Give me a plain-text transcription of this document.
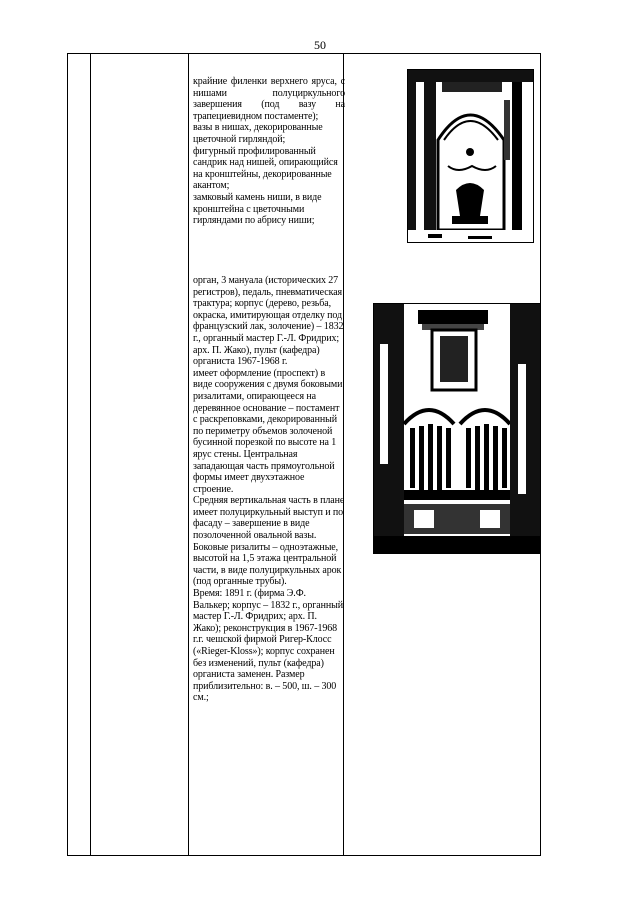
50

крайние филенки верхнего яруса, с нишами полуциркульного завершения (под вазу на трапециевидном постаменте);

вазы в нишах, декорированные цветочной гирляндой;

фигурный профилированный сандрик над нишей, опирающийся на кронштейны, декорированные акантом;

замковый камень ниши, в виде кронштейна с цветочными гирляндами по абрису ниши;

орган, 3 мануала (исторических 27 регистров), педаль, пневматическая трактура; корпус (дерево, резьба, окраска, имитирующая отделку под французский лак, золочение) – 1832 г., органный мастер Г.-Л. Фридрих; арх. П. Жако), пульт (кафедра) органиста 1967-1968 г.

имеет оформление (проспект) в виде сооружения с двумя боковыми ризалитами, опирающееся на деревянное основание – постамент с раскреповками, декорированный по периметру объемов золоченой бусинной порезкой по высоте на 1 ярус стены. Центральная западающая часть прямоугольной формы имеет двухэтажное строение.

Средняя вертикальная часть в плане имеет полуциркульный выступ и по фасаду – завершение в виде позолоченной овальной вазы. Боковые ризалиты – одноэтажные, высотой на 1,5 этажа центральной части, в виде полуциркульных арок (под органные трубы).

Время: 1891 г. (фирма Э.Ф. Валькер; корпус – 1832 г., органный мастер Г.-Л. Фридрих; арх. П. Жако); реконструкция в 1967-1968 г.г. чешской фирмой Ригер-Клосс («Rieger-Kloss»); корпус сохранен без изменений, пульт (кафедра) органиста заменен. Размер приблизительно: в. – 500, ш. – 300 см.;
